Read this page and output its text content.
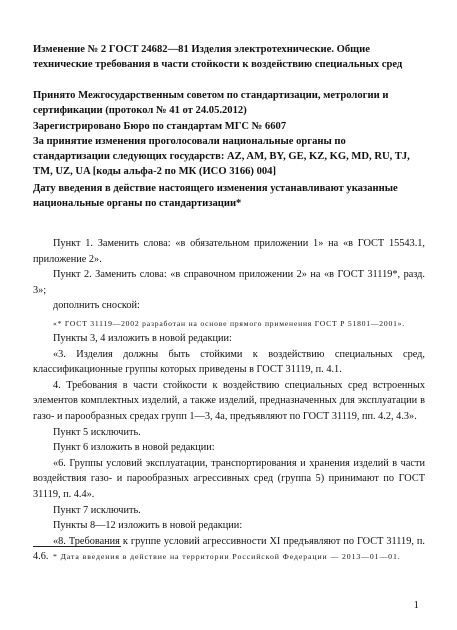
Изменение № 2 ГОСТ 24682—81 Изделия электротехнические. Общие технические требования в части стойкости к воздействию специальных сред
Принято Межгосударственным советом по стандартизации, метрологии и сертификации (протокол № 41 от 24.05.2012)
Зарегистрировано Бюро по стандартам МГС № 6607
За принятие изменения проголосовали национальные органы по стандартизации следующих государств: AZ, AM, BY, GE, KZ, KG, MD, RU, TJ, TM, UZ, UA [коды альфа-2 по МК (ИСО 3166) 004]
Дату введения в действие настоящего изменения устанавливают указанные национальные органы по стандартизации*

Пункт 1. Заменить слова: «в обязательном приложении 1» на «в ГОСТ 15543.1, приложение 2».

Пункт 2. Заменить слова: «в справочном приложении 2» на «в ГОСТ 31119*, разд. 3»;

дополнить сноской:

«* ГОСТ 31119—2002 разработан на основе прямого применения ГОСТ Р 51801—2001».

Пункты 3, 4 изложить в новой редакции:

«3. Изделия должны быть стойкими к воздействию специальных сред, классификационные группы которых приведены в ГОСТ 31119, п. 4.1.

4. Требования в части стойкости к воздействию специальных сред встроенных элементов комплектных изделий, а также изделий, предназначенных для эксплуатации в газо- и парообразных средах групп 1—3, 4а, предъявляют по ГОСТ 31119, пп. 4.2, 4.3».

Пункт 5 исключить.

Пункт 6 изложить в новой редакции:

«6. Группы условий эксплуатации, транспортирования и хранения изделий в части воздействия газо- и парообразных агрессивных сред (группа 5) принимают по ГОСТ 31119, п. 4.4».

Пункт 7 исключить.

Пункты 8—12 изложить в новой редакции:

«8. Требования к группе условий агрессивности XI предъявляют по ГОСТ 31119, п. 4.6. * Дата введения в действие на территории Российской Федерации — 2013—01—01.
1
